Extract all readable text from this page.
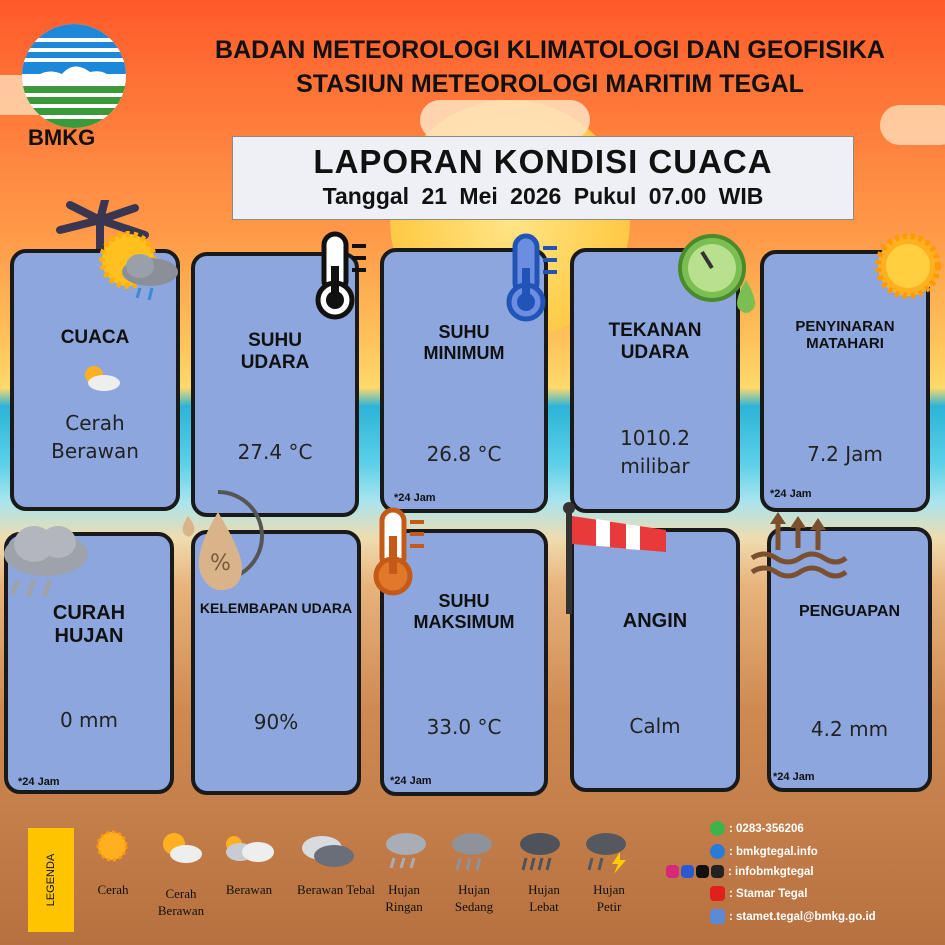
BMKG
BADAN METEOROLOGI KLIMATOLOGI DAN GEOFISIKA
STASIUN METEOROLOGI MARITIM TEGAL
LAPORAN KONDISI CUACA
Tanggal 21 Mei 2026 Pukul 07.00 WIB
CUACA
Cerah Berawan
SUHU UDARA
27.4 °C
SUHU MINIMUM
26.8 °C
*24 Jam
TEKANAN UDARA
1010.2 milibar
PENYINARAN MATAHARI
7.2 Jam
*24 Jam
CURAH HUJAN
0 mm
*24 Jam
KELEMBAPAN UDARA
90%
SUHU MAKSIMUM
33.0 °C
*24 Jam
ANGIN
Calm
PENGUAPAN
4.2 mm
*24 Jam
%
LEGENDA	Cerah	Cerah Berawan
Berawan	Berawan Tebal	Hujan Ringan
Hujan Sedang
Hujan Lebat
Hujan Petir
: 0283-356206
: bmkgtegal.info
: infobmkgtegal
: Stamar Tegal
: stamet.tegal@bmkg.go.id
